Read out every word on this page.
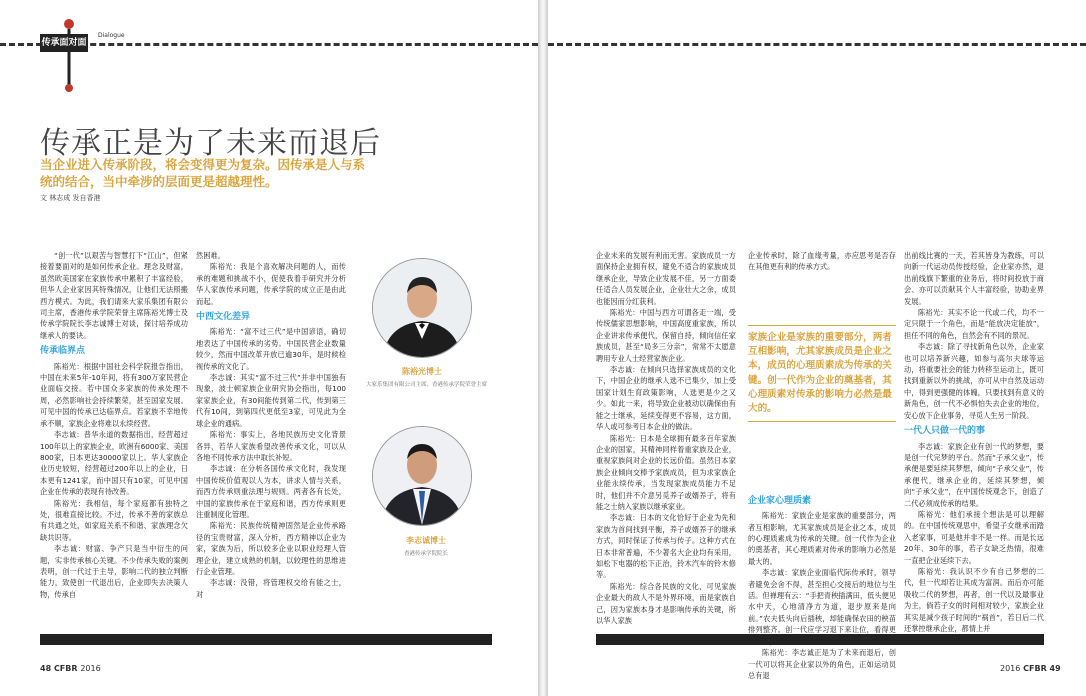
传承面对面
Dialogue
传承正是为了未来而退后
当企业进入传承阶段，将会变得更为复杂。因传承是人与系统的结合，当中牵涉的层面更是超越理性。
文 林志成 发自香港

“创一代”以艰苦与智慧打下“江山”，但紧接着要面对的是如何传承企业。理念及财富，虽然欧美国家在家族传承中累积了丰富经验，但华人企业家因其特殊情况，让他们无法照搬西方模式。为此，我们请来大家乐集团有限公司主席，香港传承学院荣誉主席陈裕光博士及传承学院院长李志诚博士对谈，探讨培养成功继承人的要诀。

传承临界点

陈裕光：根据中国社会科学院报告指出，中国在未来5年-10年间，将有300万家民营企业面临交接。若中国众多家族的传承处理不周，必然影响社会持续繁荣，甚至国家发展。可见中国的传承已达临界点。若家族不幸地传承不顺，家族企业将难以永续经营。

李志诚：普华永道的数据指出，经营超过100年以上的家族企业，欧洲有6000家、美国800家，日本更达30000家以上。华人家族企业历史较短，经营超过200年以上的企业，日本更有1241家，而中国只有10家，可见中国企业在传承的表现有待改善。

陈裕光：我相信，每个家庭都有独特之处，很难直接比较。不过，传承不善的家族总有共通之处，如家庭关系不和谐、家族理念欠缺共识等。

李志诚：财富、争产只是当中衍生的问题，实非传承核心关键。不少传承失败的案例表明，创一代过于主导，影响二代的独立判断能力，致使创一代退出后，企业即失去决策人物，传承自

然困难。

陈裕光：我是个喜欢解决问题的人，而传承的难题和挑战不小，促使我着手研究并分析华人家族传承问题，传承学院的成立正是由此而起。

中西文化差异

陈裕光：“富不过三代”是中国谚语，确切地表达了中国传承的劣势。中国民营企业数量较少，然而中国改革开放已逾30年，是时候检视传承的文化了。

李志诚：其实“富不过三代”并非中国独有现象，波士顿家族企业研究协会指出，每100家家族企业，有30间能传到第二代，传到第三代有10间，到第四代更低至3家，可见此为全球企业的通病。

陈裕光：事实上，各地民族历史文化背景各异，若华人家族希望改善传承文化，可以从各地不同传承方法中取长补短。

李志诚：在分析各国传承文化时，我发现中国传统价值观以人为本，讲求人情与关系，而西方传承则重法理与规则。两者各有长处，中国的家族传承在于家庭和谐，西方传承则更注重制度化管理。

陈裕光：民族传统精神固然是企业传承路径的宝贵财富，深入分析，西方精神以企业为家，家族为后，所以较多企业以职业经理人管理企业，建立成熟的机制，以较理性的思维进行企业管理。

李志诚：没错，将管理权交给有能之士，对

陈裕光博士
大家乐集团有限公司主席、香港传承学院荣誉主席
李志诚博士
香港传承学院院长
48 CFBR 2016

企业未来的发展有利而无害。家族成员一方面保持企业拥有权，避免不适合的家族成员继承企业，导致企业发展不佳，另一方面委任适合人员发展企业，企业壮大之余，成员也能因而分红获利。

陈裕光：中国与西方可谓各走一端，受传统儒家思想影响，中国高度重家族，所以企业讲求传承便代，保留自持，倾向信任家族成员，甚至“局多三分亲”，常常不太愿意聘用专业人士经营家族企业。

李志诚：在倾向只选择家族成员的文化下，中国企业的继承人选不已集少，加上受国家计划生育政策影响，人选更是少之又少。如此一来，将导致企业被动以确保由有能之士继承，延续变得更不容易，这方面，华人或可参考日本企业的做法。

陈裕光：日本是全球拥有最多百年家族企业的国家，其精神同样着重家族及企业，重视家族间对企业的长远价值。虽然日本家族企业倾向交棒予家族成员，但为求家族企业能永续传承，当发现家族成员能力不足时，他们并不介意另觅养子或婿养子，将有能之士纳入家族以继承家业。

李志诚：日本的文化恰好于企业为先和家族为首间找到平衡，养子或婿养子的继承方式，同时保证了传承与传子。这种方式在日本非常普遍，不少著名大企业均有采用，如松下电器的松下正治，铃木汽车的铃木修等。

陈裕光：综合各民族的文化，可见家族企业最大的敌人不是外界环境，而是家族自己，因为家族本身才是影响传承的关键，所以华人家族

企业传承时，除了血缘考量，亦应思考是否存在其他更有利的传承方式。

企业家心理质素

陈裕光：家族企业是家族的重要部分，两者互相影响，尤其家族成员是企业之本，成员的心理质素成为传承的关键。创一代作为企业的奠基者，其心理质素对传承的影响力必然是最大的。

李志诚：家族企业面临代际传承时，领导者避免会舍不得，甚至担心交接后的地位与生活。但禅理有云：“手把青秧插满田，低头便见水中天，心地清净方为道，退步原来是向前。”农夫低头向后插秧，却能确保农田的秧苗排列整齐。创一代应学习退下来让位，看得更

陈裕光：李志诚正是为了未来而退后，创一代可以将其企业家以外的角色，正如运动员总有退

出前线比赛的一天，若其皆身为教练，可以向新一代运动员传授经验，企业家亦然，退出前线旗下繁重的业务后，将时间投放于商会、亦可以贡献其个人丰富经验，协助业界发展。

陈裕光：其实不论一代或二代，均不一定只限于一个角色，而是“能放决定能放”，担任不同的角色，自然会有不同的景况。

李志诚：除了寻找新角色以外，企业家也可以培养新兴趣，如参与高尔夫球等运动，将重要社会的能力转移至运动上，既可找到重新以外的挑战，亦可从中自然及运动中，得到更强健的体魄，只要找到有意义的新角色，创一代不必惧怕失去企业的地位，安心放下企业事务，寻觅人生另一阶段。

一代人只做一代的事

李志诚：家族企业有创一代的梦想，要是创一代完梦的平台。然而“子承父业”，传承便是要延续其梦想，倾向“子承父业”，传承便代，继承企业的，延续其梦想，倾向“子承父业”，在中国传统观念下，创造了二代必须成传承的结果。

陈裕光：他们承接个想法是可以理解的。在中国传统观思中，希望子女继承而踏入老家事，可是他并非不是一样。而是长远20年、30年的事，若子女缺乏热情，很难一直把企业延续下去。

陈裕光：我认识不少有自己梦想的二代，但一代却若让其成为富润。而后亦可能吸收二代的梦想，再者，创一代以及最事业为主，倘若子女的时间相对较少，家族企业其实是减少孩子时间的“祸首”，若日后二代还掌控继承企业，都情上并

2016 CFBR 49
家族企业是家族的重要部分，两者互相影响，尤其家族成员是企业之本，成员的心理质素成为传承的关键。创一代作为企业的奠基者，其心理质素对传承的影响力必然是最大的。
